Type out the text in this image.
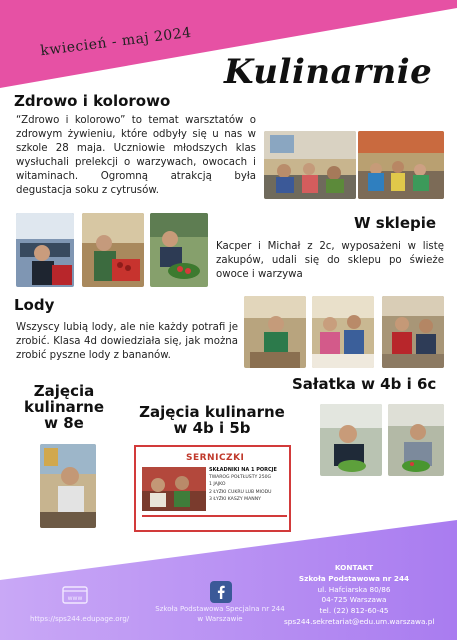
kwiecień - maj 2024
Kulinarnie
Zdrowo i kolorowo
“Zdrowo i kolorowo” to temat warsztatów o zdrowym żywieniu, które odbyły się u nas w szkole 28 maja. Uczniowie młodszych klas wysłuchali prelekcji o warzywach, owocach i witaminach. Ogromną atrakcją była degustacja soku z cytrusów.
W sklepie
Kacper i Michał z 2c, wyposażeni w listę zakupów, udali się do sklepu po świeże owoce i warzywa
Lody
Wszyscy lubią lody, ale nie każdy potrafi je zrobić. Klasa 4d dowiedziała się, jak można zrobić pyszne lody z bananów.
Sałatka w 4b i 6c
Zajęcia
kulinarne
w 8e
Zajęcia kulinarne
w 4b i 5b
SERNICZKI
SKŁADNIKI NA 1 PORCJE
TWAROG POŁTŁUSTY 250G
1 JAJKO
2 ŁYŻKI CUKRU LUB MIODU
3 ŁYŻKI KASZY MANNY
www
https://sps244.edupage.org/
Szkoła Podstawowa Specjalna nr 244
w Warszawie
KONTAKT
Szkoła Podstawowa nr 244
ul. Hafciarska 80/86
04-725 Warszawa
tel. (22) 812-60-45
sps244.sekretariat@edu.um.warszawa.pl
